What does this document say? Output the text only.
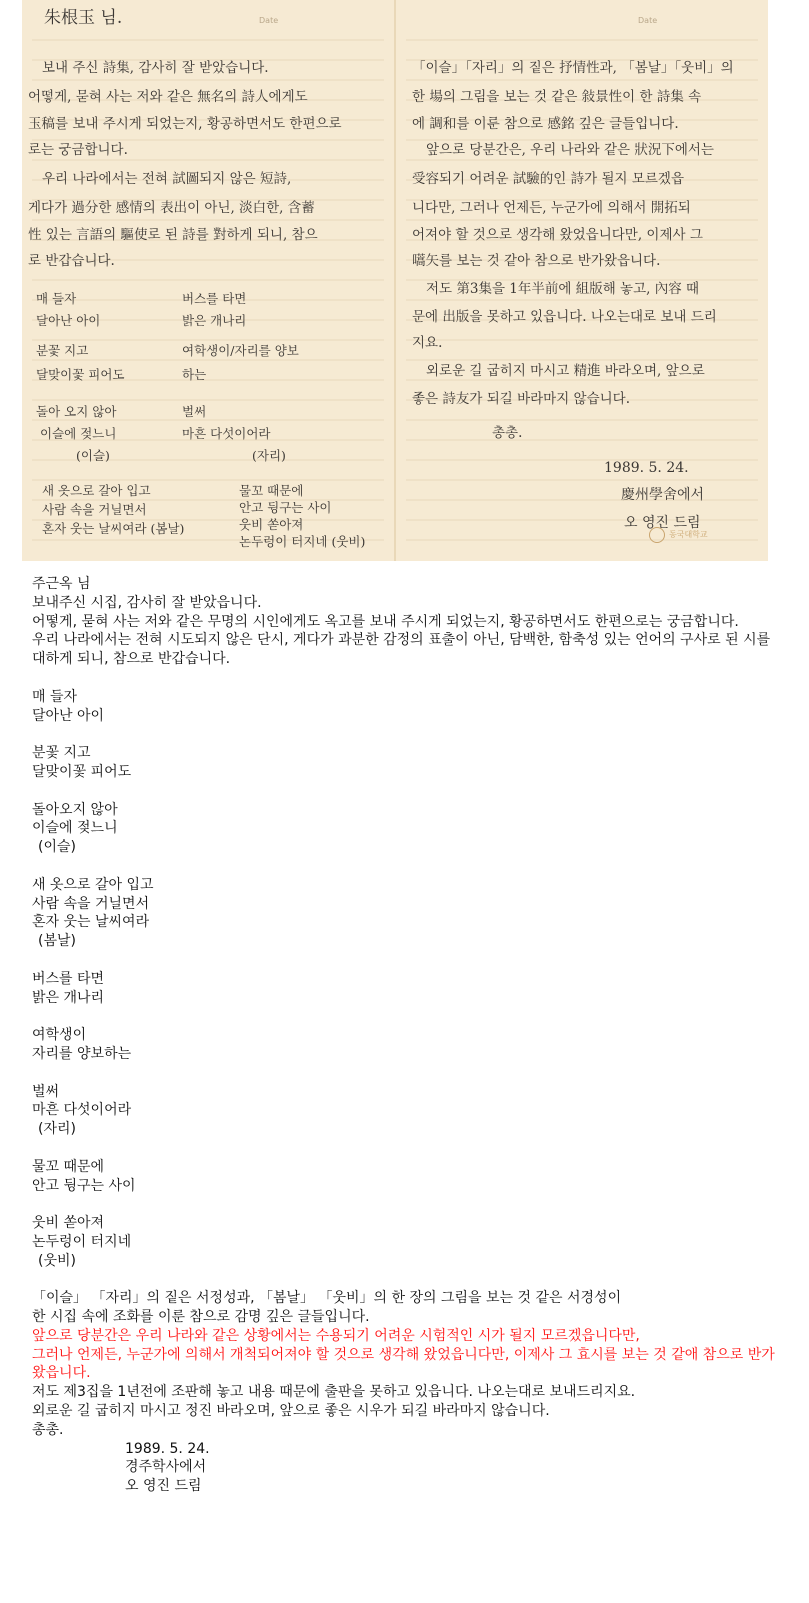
Date

朱根玉 님.

보내 주신 詩集, 감사히 잘 받았습니다.

어떻게, 묻혀 사는 저와 같은 無名의 詩人에게도

玉稿를 보내 주시게 되었는지, 황공하면서도 한편으로

로는 궁금합니다.

우리 나라에서는 전혀 試圖되지 않은 短詩,

게다가 過分한 感情의 表出이 아닌, 淡白한, 含蓄

性 있는 言語의 驅使로 된 詩를 對하게 되니, 참으

로 반갑습니다.

매 들자

달아난 아이

버스를 타면

밝은 개나리

분꽃 지고

달맞이꽃 피어도

여학생이/자리를 양보

하는

돌아 오지 않아

이슬에 젖느니

(이슬)

벌써

마흔 다섯이어라

(자리)

새 옷으로 갈아 입고

사람 속을 거닐면서

혼자 웃는 날씨여라 (봄날)

물꼬 때문에

안고 뒹구는 사이

웃비 쏟아져

논두렁이 터지네 (웃비)

Date

「이슬」「자리」의 짙은 抒情性과, 「봄날」「웃비」의

한 場의 그림을 보는 것 같은 敍景性이 한 詩集 속

에 調和를 이룬 참으로 感銘 깊은 글들입니다.

앞으로 당분간은, 우리 나라와 같은 狀況下에서는

受容되기 어려운 試驗的인 詩가 될지 모르겠읍

니다만, 그러나 언제든, 누군가에 의해서 開拓되

어져야 할 것으로 생각해 왔었읍니다만, 이제사 그

嚆矢를 보는 것 같아 참으로 반가왔읍니다.

저도 第3集을 1年半前에 組版해 놓고, 內容 때

문에 出版을 못하고 있읍니다. 나오는대로 보내 드리

지요.

외로운 길 굽히지 마시고 精進 바라오며, 앞으로

좋은 詩友가 되길 바라마지 않습니다.

총총.

1989. 5. 24.

慶州學舍에서

오 영진 드림

동국대학교

주근옥 님

보내주신 시집, 감사히 잘 받았읍니다.

어떻게, 묻혀 사는 저와 같은 무명의 시인에게도 옥고를 보내 주시게 되었는지, 황공하면서도 한편으로는 궁금합니다.

우리 나라에서는 전혀 시도되지 않은 단시, 게다가 과분한 감정의 표출이 아닌, 담백한, 함축성 있는 언어의 구사로 된 시를 대하게 되니, 참으로 반갑습니다.

매 들자

달아난 아이

분꽃 지고

달맞이꽃 피어도

돌아오지 않아

이슬에 젖느니

(이슬)

새 옷으로 갈아 입고

사람 속을 거닐면서

혼자 웃는 날씨여라

(봄날)

버스를 타면

밝은 개나리

여학생이

자리를 양보하는

벌써

마흔 다섯이어라

(자리)

물꼬 때문에

안고 뒹구는 사이

웃비 쏟아져

논두렁이 터지네

(웃비)

「이슬」 「자리」의 짙은 서정성과, 「봄날」 「웃비」의 한 장의 그림을 보는 것 같은 서경성이

한 시집 속에 조화를 이룬 참으로 감명 깊은 글들입니다.

앞으로 당분간은 우리 나라와 같은 상황에서는 수용되기 어려운 시험적인 시가 될지 모르겠읍니다만,

그러나 언제든, 누군가에 의해서 개척되어져야 할 것으로 생각해 왔었읍니다만, 이제사 그 효시를 보는 것 같애 참으로 반가왔읍니다.

저도 제3집을 1년전에 조판해 놓고 내용 때문에 출판을 못하고 있읍니다. 나오는대로 보내드리지요.

외로운 길 굽히지 마시고 정진 바라오며, 앞으로 좋은 시우가 되길 바라마지 않습니다.

총총.

1989. 5. 24.

경주학사에서

오 영진 드림
